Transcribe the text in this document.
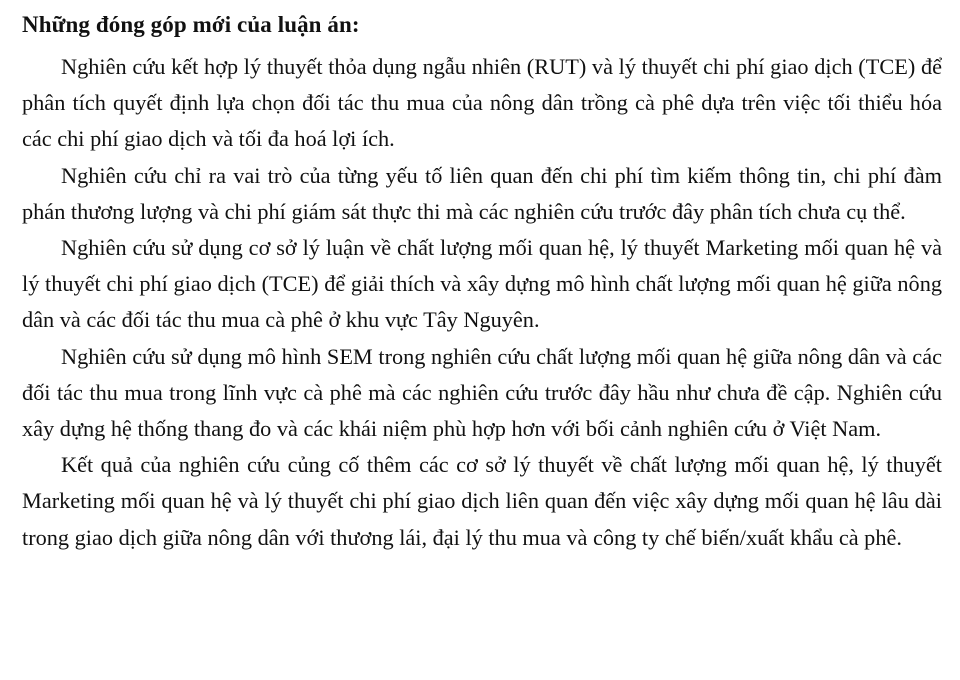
Những đóng góp mới của luận án:

Nghiên cứu kết hợp lý thuyết thỏa dụng ngẫu nhiên (RUT) và lý thuyết chi phí giao dịch (TCE) để phân tích quyết định lựa chọn đối tác thu mua của nông dân trồng cà phê dựa trên việc tối thiểu hóa các chi phí giao dịch và tối đa hoá lợi ích.

Nghiên cứu chỉ ra vai trò của từng yếu tố liên quan đến chi phí tìm kiếm thông tin, chi phí đàm phán thương lượng và chi phí giám sát thực thi mà các nghiên cứu trước đây phân tích chưa cụ thể.

Nghiên cứu sử dụng cơ sở lý luận về chất lượng mối quan hệ, lý thuyết Marketing mối quan hệ và lý thuyết chi phí giao dịch (TCE) để giải thích và xây dựng mô hình chất lượng mối quan hệ giữa nông dân và các đối tác thu mua cà phê ở khu vực Tây Nguyên.

Nghiên cứu sử dụng mô hình SEM trong nghiên cứu chất lượng mối quan hệ giữa nông dân và các đối tác thu mua trong lĩnh vực cà phê mà các nghiên cứu trước đây hầu như chưa đề cập. Nghiên cứu xây dựng hệ thống thang đo và các khái niệm phù hợp hơn với bối cảnh nghiên cứu ở Việt Nam.

Kết quả của nghiên cứu củng cố thêm các cơ sở lý thuyết về chất lượng mối quan hệ, lý thuyết Marketing mối quan hệ và lý thuyết chi phí giao dịch liên quan đến việc xây dựng mối quan hệ lâu dài trong giao dịch giữa nông dân với thương lái, đại lý thu mua và công ty chế biến/xuất khẩu cà phê.
